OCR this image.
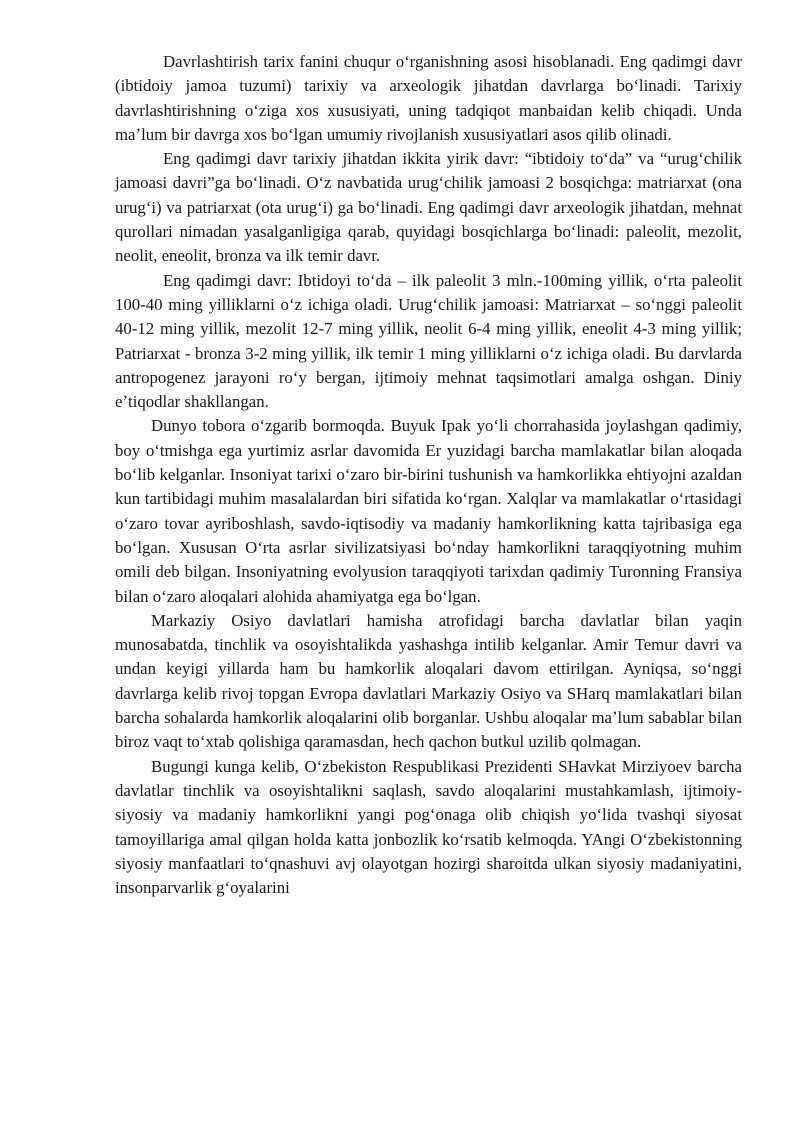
Davrlashtirish tarix fanini chuqur oʻrganishning asosi hisoblanadi. Eng qadimgi davr (ibtidoiy jamoa tuzumi) tarixiy va arxeologik jihatdan davrlarga boʻlinadi. Tarixiy davrlashtirishning oʻziga xos xususiyati, uning tadqiqot manbaidan kelib chiqadi. Unda maʼlum bir davrga xos boʻlgan umumiy rivojlanish xususiyatlari asos qilib olinadi.

Eng qadimgi davr tarixiy jihatdan ikkita yirik davr: “ibtidoiy toʻda” va “urugʻchilik jamoasi davri”ga boʻlinadi. Oʻz navbatida urugʻchilik jamoasi 2 bosqichga: matriarxat (ona urugʻi) va patriarxat (ota urugʻi) ga boʻlinadi. Eng qadimgi davr arxeologik jihatdan, mehnat qurollari nimadan yasalganligiga qarab, quyidagi bosqichlarga boʻlinadi: paleolit, mezolit, neolit, eneolit, bronza va ilk temir davr.

Eng qadimgi davr: Ibtidoyi toʻda – ilk paleolit 3 mln.-100ming yillik, oʻrta paleolit 100-40 ming yilliklarni oʻz ichiga oladi. Urugʻchilik jamoasi: Matriarxat – soʻnggi paleolit 40-12 ming yillik, mezolit 12-7 ming yillik, neolit 6-4 ming yillik, eneolit 4-3 ming yillik; Patriarxat - bronza 3-2 ming yillik, ilk temir 1 ming yilliklarni oʻz ichiga oladi. Bu darvlarda antropogenez jarayoni roʻy bergan, ijtimoiy mehnat taqsimotlari amalga oshgan. Diniy eʼtiqodlar shakllangan.

Dunyo tobora oʻzgarib bormoqda. Buyuk Ipak yoʻli chorrahasida joylashgan qadimiy, boy oʻtmishga ega yurtimiz asrlar davomida Er yuzidagi barcha mamlakatlar bilan aloqada boʻlib kelganlar. Insoniyat tarixi oʻzaro bir-birini tushunish va hamkorlikka ehtiyojni azaldan kun tartibidagi muhim masalalardan biri sifatida koʻrgan. Xalqlar va mamlakatlar oʻrtasidagi oʻzaro tovar ayriboshlash, savdo-iqtisodiy va madaniy hamkorlikning katta tajribasiga ega boʻlgan. Xususan Oʻrta asrlar sivilizatsiyasi boʻnday hamkorlikni taraqqiyotning muhim omili deb bilgan. Insoniyatning evolyusion taraqqiyoti tarixdan qadimiy Turonning Fransiya bilan oʻzaro aloqalari alohida ahamiyatga ega boʻlgan.

Markaziy Osiyo davlatlari hamisha atrofidagi barcha davlatlar bilan yaqin munosabatda, tinchlik va osoyishtalikda yashashga intilib kelganlar. Amir Temur davri va undan keyigi yillarda ham bu hamkorlik aloqalari davom ettirilgan. Ayniqsa, soʻnggi davrlarga kelib rivoj topgan Evropa davlatlari Markaziy Osiyo va SHarq mamlakatlari bilan barcha sohalarda hamkorlik aloqalarini olib borganlar. Ushbu aloqalar maʼlum sabablar bilan biroz vaqt toʻxtab qolishiga qaramasdan, hech qachon butkul uzilib qolmagan.

Bugungi kunga kelib, Oʻzbekiston Respublikasi Prezidenti SHavkat Mirziyoev barcha davlatlar tinchlik va osoyishtalikni saqlash, savdo aloqalarini mustahkamlash, ijtimoiy-siyosiy va madaniy hamkorlikni yangi pogʻonaga olib chiqish yoʻlida tvashqi siyosat tamoyillariga amal qilgan holda katta jonbozlik koʻrsatib kelmoqda. YAngi Oʻzbekistonning siyosiy manfaatlari toʻqnashuvi avj olayotgan hozirgi sharoitda ulkan siyosiy madaniyatini, insonparvarlik gʻoyalarini
